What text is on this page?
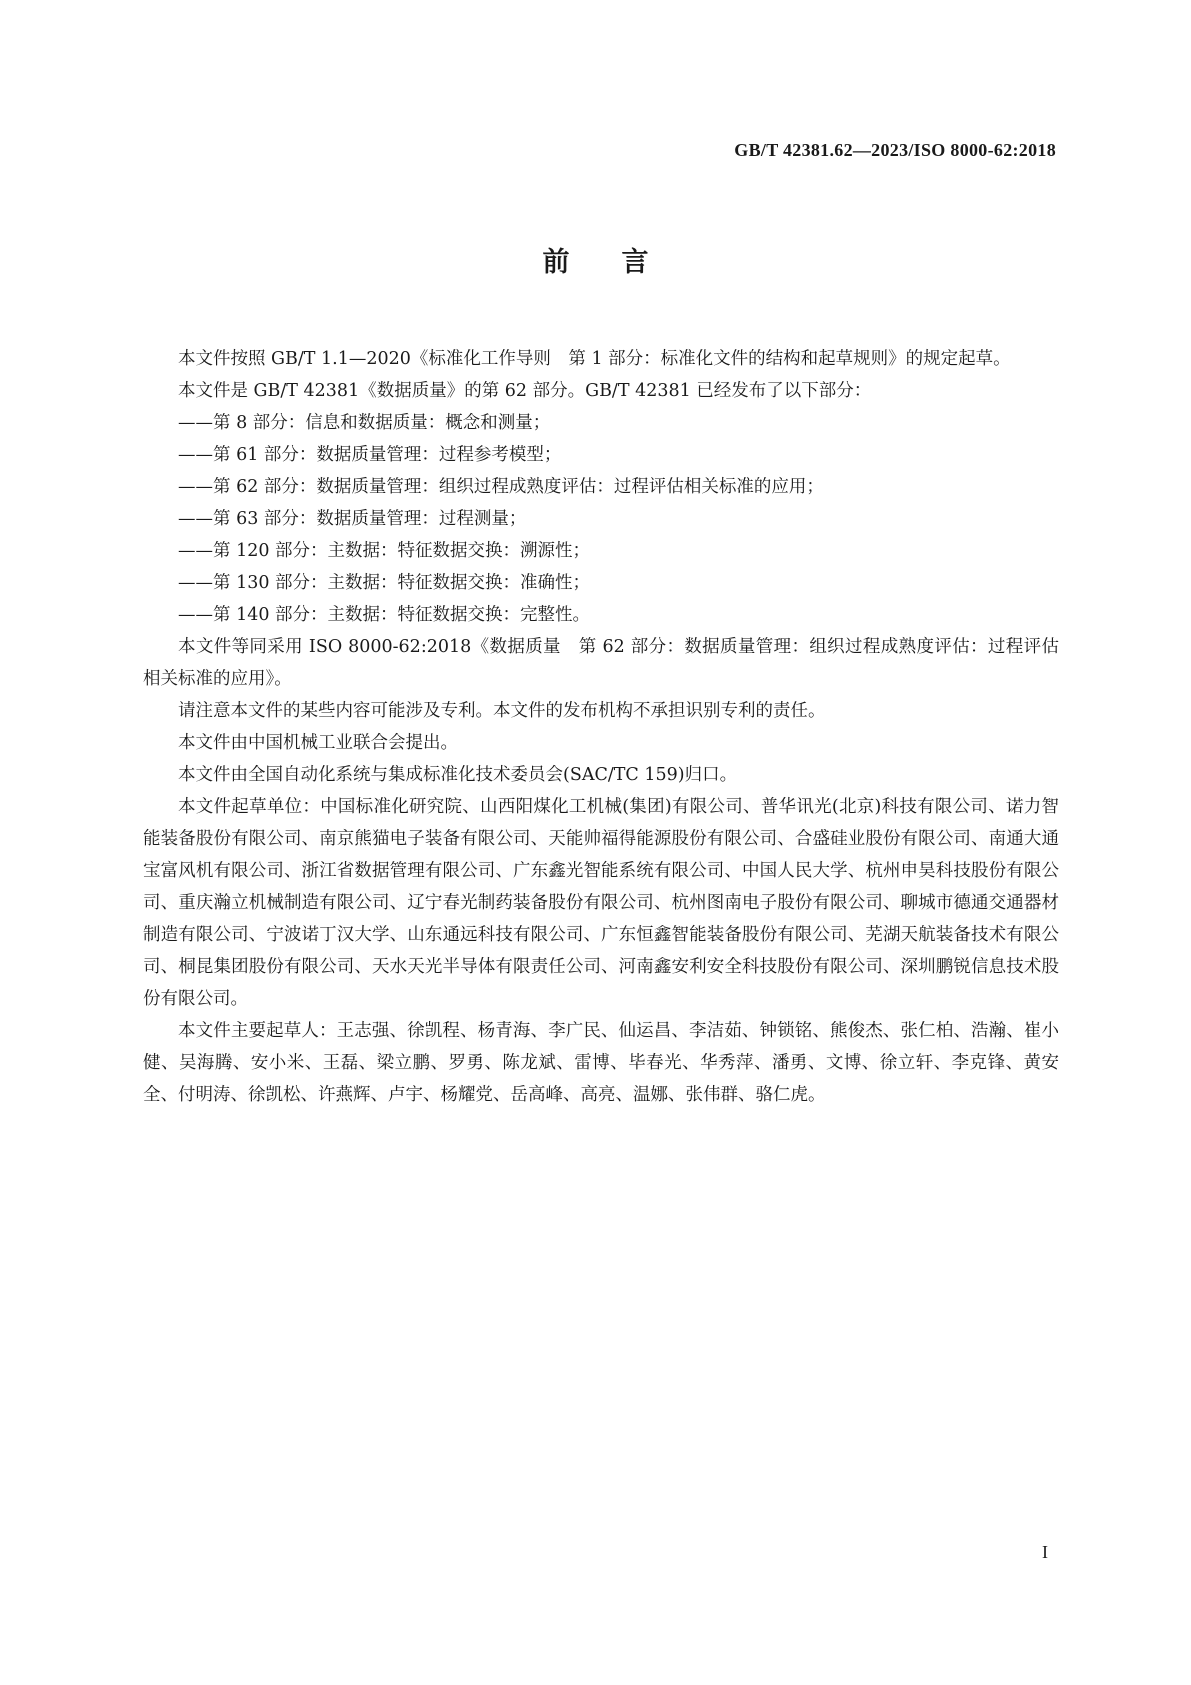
GB/T 42381.62—2023/ISO 8000-62:2018
前言

本文件按照 GB/T 1.1—2020《标准化工作导则　第 1 部分：标准化文件的结构和起草规则》的规定起草。

本文件是 GB/T 42381《数据质量》的第 62 部分。GB/T 42381 已经发布了以下部分：

——第 8 部分：信息和数据质量：概念和测量；

——第 61 部分：数据质量管理：过程参考模型；

——第 62 部分：数据质量管理：组织过程成熟度评估：过程评估相关标准的应用；

——第 63 部分：数据质量管理：过程测量；

——第 120 部分：主数据：特征数据交换：溯源性；

——第 130 部分：主数据：特征数据交换：准确性；

——第 140 部分：主数据：特征数据交换：完整性。

本文件等同采用 ISO 8000-62:2018《数据质量　第 62 部分：数据质量管理：组织过程成熟度评估：过程评估相关标准的应用》。

请注意本文件的某些内容可能涉及专利。本文件的发布机构不承担识别专利的责任。

本文件由中国机械工业联合会提出。

本文件由全国自动化系统与集成标准化技术委员会(SAC/TC 159)归口。

本文件起草单位：中国标准化研究院、山西阳煤化工机械(集团)有限公司、普华讯光(北京)科技有限公司、诺力智能装备股份有限公司、南京熊猫电子装备有限公司、天能帅福得能源股份有限公司、合盛硅业股份有限公司、南通大通宝富风机有限公司、浙江省数据管理有限公司、广东鑫光智能系统有限公司、中国人民大学、杭州申昊科技股份有限公司、重庆瀚立机械制造有限公司、辽宁春光制药装备股份有限公司、杭州图南电子股份有限公司、聊城市德通交通器材制造有限公司、宁波诺丁汉大学、山东通远科技有限公司、广东恒鑫智能装备股份有限公司、芜湖天航装备技术有限公司、桐昆集团股份有限公司、天水天光半导体有限责任公司、河南鑫安利安全科技股份有限公司、深圳鹏锐信息技术股份有限公司。

本文件主要起草人：王志强、徐凯程、杨青海、李广民、仙运昌、李洁茹、钟锁铭、熊俊杰、张仁柏、浩瀚、崔小健、吴海腾、安小米、王磊、梁立鹏、罗勇、陈龙斌、雷博、毕春光、华秀萍、潘勇、文博、徐立轩、李克锋、黄安全、付明涛、徐凯松、许燕辉、卢宇、杨耀党、岳高峰、高亮、温娜、张伟群、骆仁虎。

I
